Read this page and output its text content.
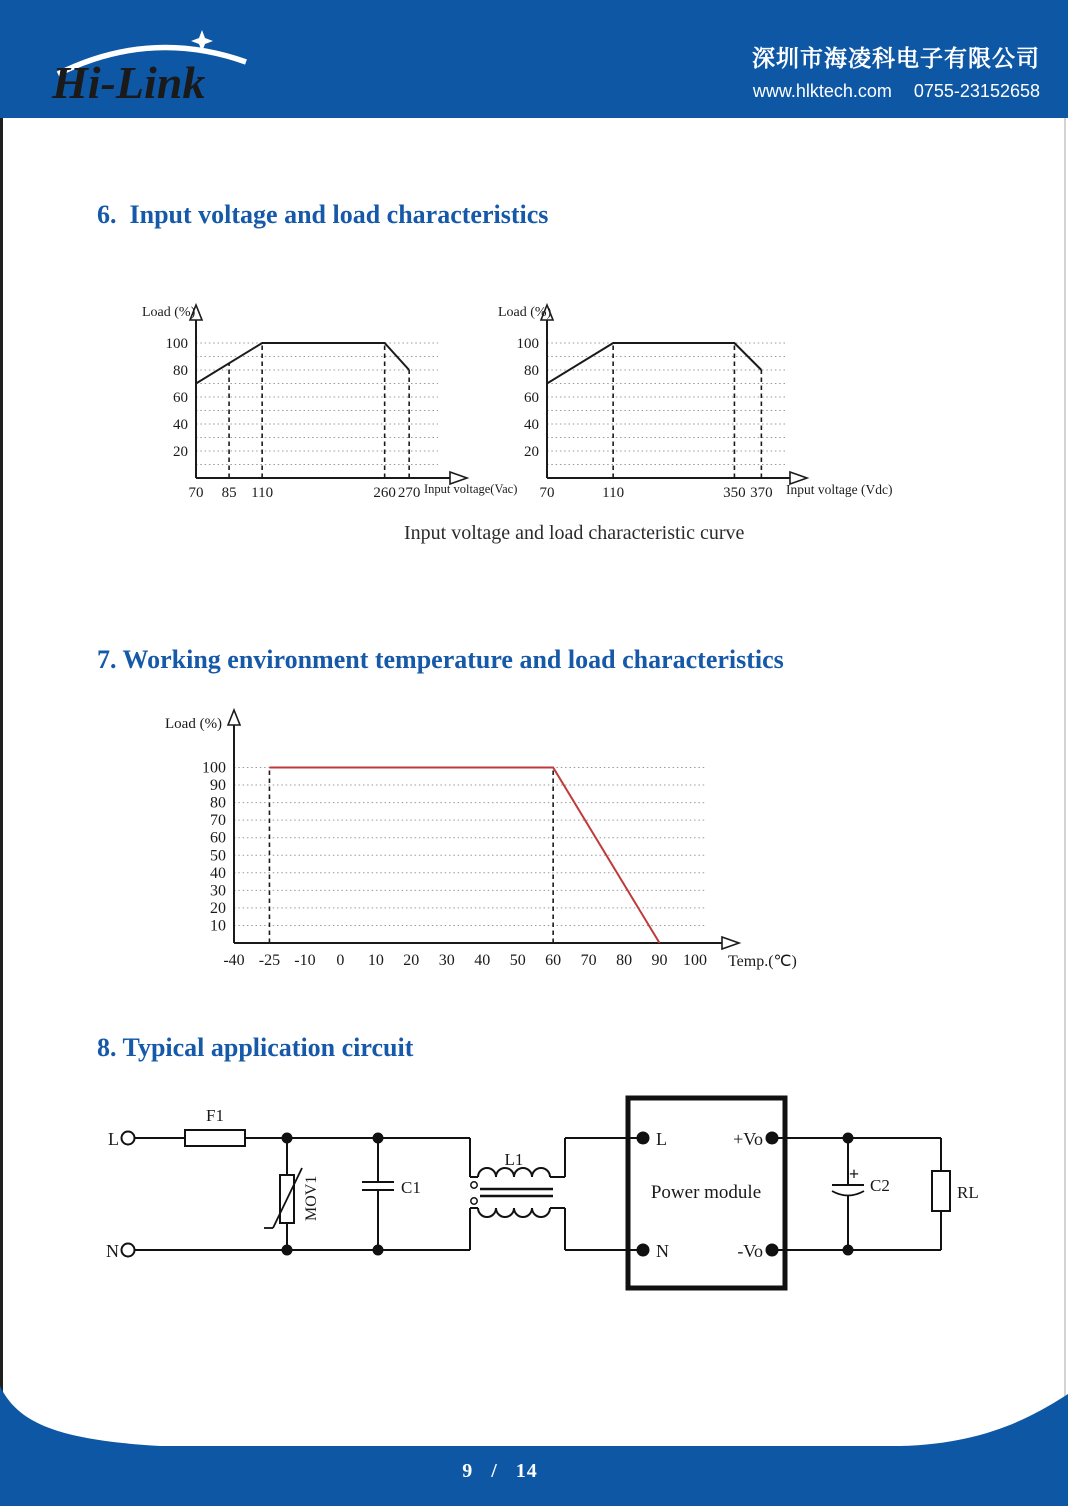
Hi-Link	深圳市海凌科电子有限公司
www.hlktech.com 0755-23152658
6.  Input voltage and load characteristics
20
40
60
80
100
70 85 110	260 270
Load (%)
Input voltage(Vac)
20
40
60
80
100
70	110	350 370
Load (%)
Input voltage (Vdc)
Input voltage and load characteristic curve
7. Working environment temperature and load characteristics
10
20
30
40
50
60
70
80
90
100
-40 -25 -10 0 10 20 30 40 50 60 70 80 90 100
Load (%)
Temp.(℃)
8. Typical application circuit
L
N
F1
MOV1	C1
L1
L
N
+Vo
-Vo
Power module
+
C2	RL
9 / 14
